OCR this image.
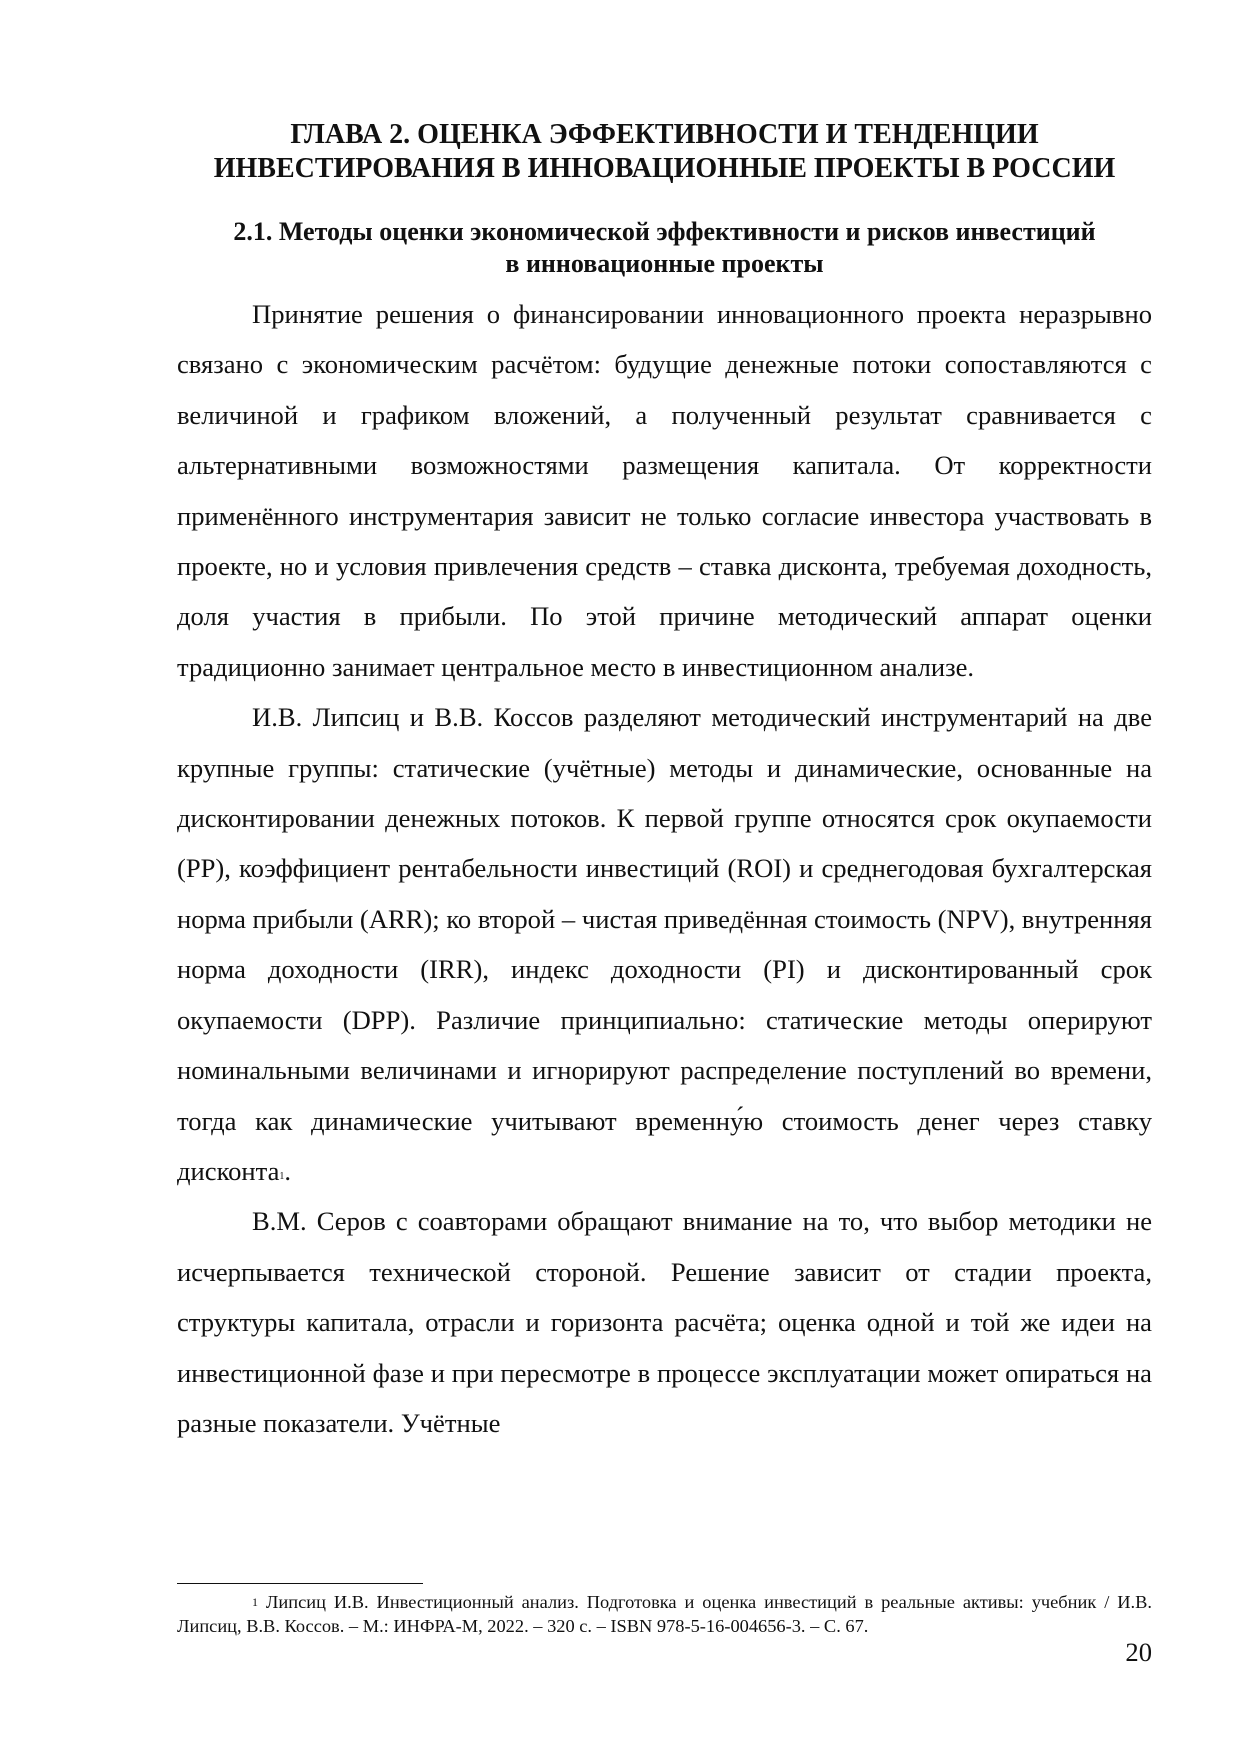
ГЛАВА 2. ОЦЕНКА ЭФФЕКТИВНОСТИ И ТЕНДЕНЦИИ
ИНВЕСТИРОВАНИЯ В ИННОВАЦИОННЫЕ ПРОЕКТЫ В РОССИИ
2.1. Методы оценки экономической эффективности и рисков инвестиций
в инновационные проекты

Принятие решения о финансировании инновационного проекта неразрывно связано с экономическим расчётом: будущие денежные потоки сопоставляются с величиной и графиком вложений, а полученный результат сравнивается с альтернативными возможностями размещения капитала. От корректности применённого инструментария зависит не только согласие инвестора участвовать в проекте, но и условия привлечения средств – ставка дисконта, требуемая доходность, доля участия в прибыли. По этой причине методический аппарат оценки традиционно занимает центральное место в инвестиционном анализе.

И.В. Липсиц и В.В. Коссов разделяют методический инструментарий на две крупные группы: статические (учётные) методы и динамические, основанные на дисконтировании денежных потоков. К первой группе относятся срок окупаемости (PP), коэффициент рентабельности инвестиций (ROI) и среднегодовая бухгалтерская норма прибыли (ARR); ко второй – чистая приведённая стоимость (NPV), внутренняя норма доходности (IRR), индекс доходности (PI) и дисконтированный срок окупаемости (DPP). Различие принципиально: статические методы оперируют номинальными величинами и игнорируют распределение поступлений во времени, тогда как динамические учитывают временну́ю стоимость денег через ставку дисконта$^1$.

В.М. Серов с соавторами обращают внимание на то, что выбор методики не исчерпывается технической стороной. Решение зависит от стадии проекта, структуры капитала, отрасли и горизонта расчёта; оценка одной и той же идеи на инвестиционной фазе и при пересмотре в процессе эксплуатации может опираться на разные показатели. Учётные

$^1$ Липсиц И.В. Инвестиционный анализ. Подготовка и оценка инвестиций в реальные активы: учебник / И.В. Липсиц, В.В. Коссов. – М.: ИНФРА-М, 2022. – 320 с. – ISBN 978-5-16-004656-3. – С. 67.

20
